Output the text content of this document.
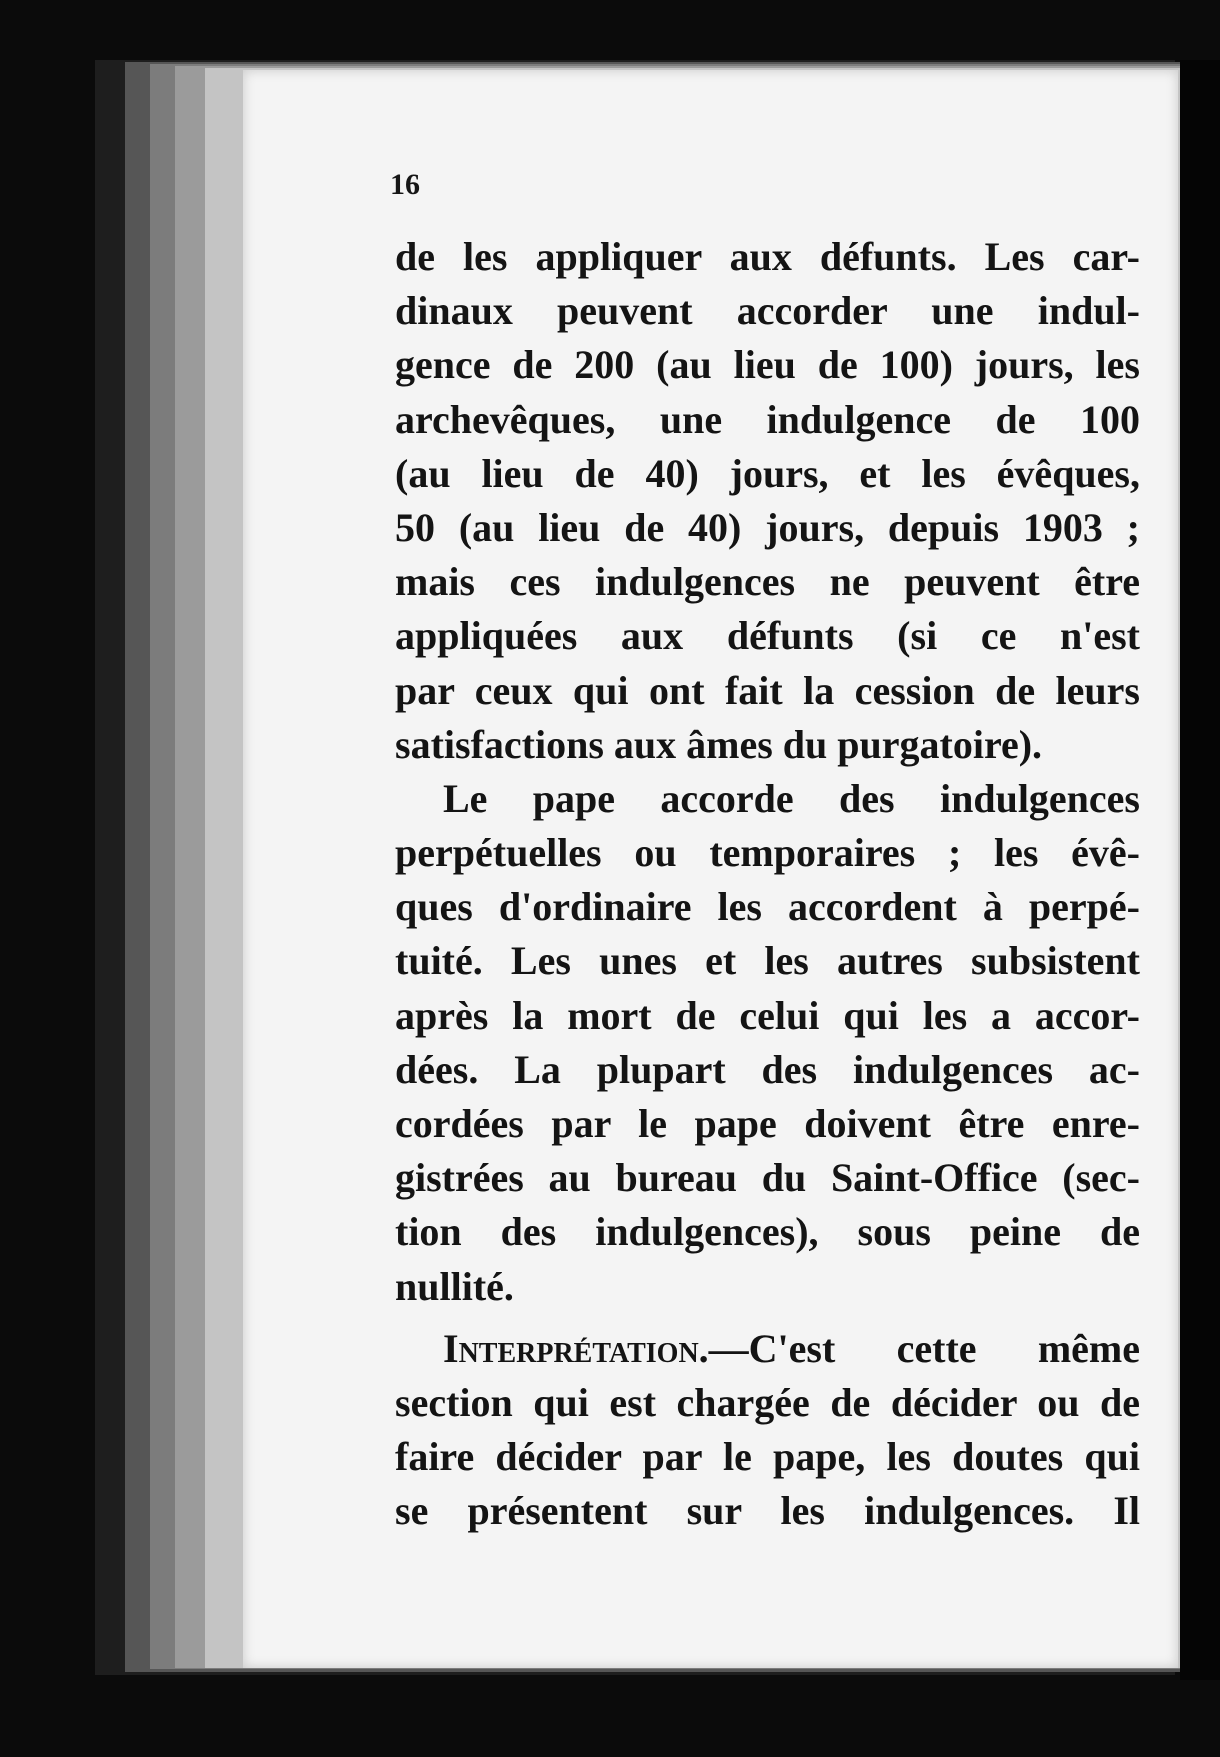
16
de les appliquer aux défunts. Les car-
dinaux peuvent accorder une indul-
gence de 200 (au lieu de 100) jours, les
archevêques, une indulgence de 100
(au lieu de 40) jours, et les évêques,
50 (au lieu de 40) jours, depuis 1903 ;
mais ces indulgences ne peuvent être
appliquées aux défunts (si ce n'est
par ceux qui ont fait la cession de leurs
satisfactions aux âmes du purgatoire).
Le pape accorde des indulgences
perpétuelles ou temporaires ; les évê-
ques d'ordinaire les accordent à perpé-
tuité. Les unes et les autres subsistent
après la mort de celui qui les a accor-
dées. La plupart des indulgences ac-
cordées par le pape doivent être enre-
gistrées au bureau du Saint-Office (sec-
tion des indulgences), sous peine de
nullité.
Interprétation.—C'est cette même
section qui est chargée de décider ou de
faire décider par le pape, les doutes qui
se présentent sur les indulgences. Il
